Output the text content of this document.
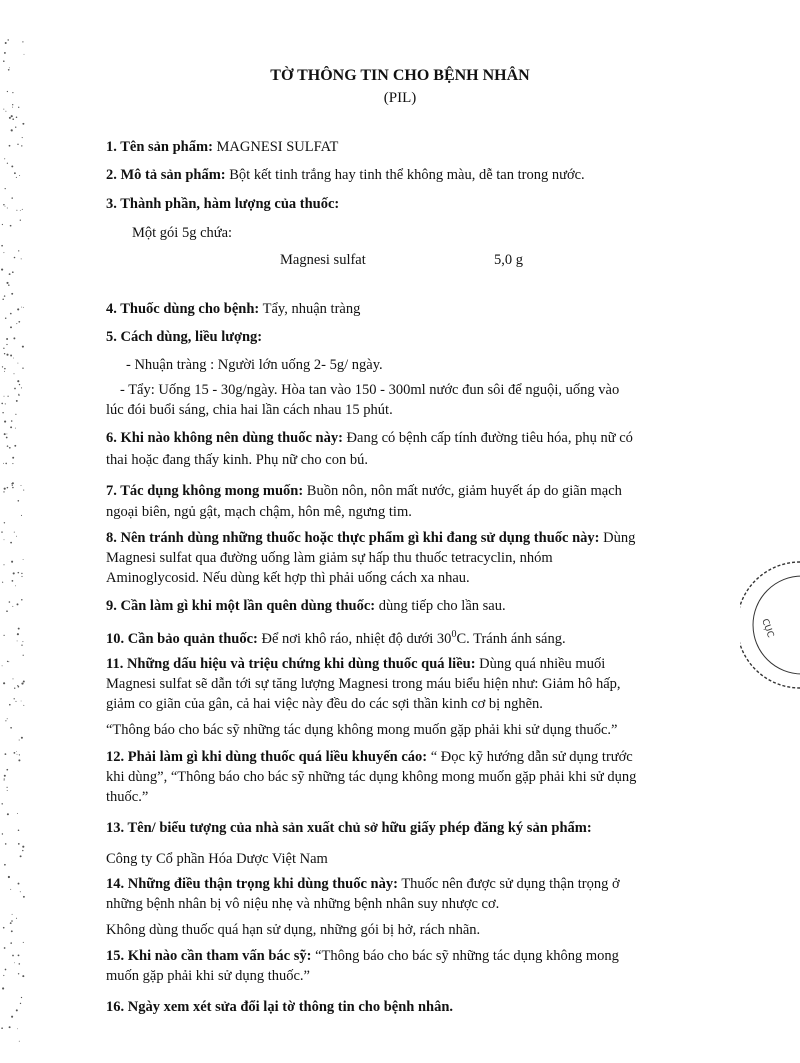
TỜ THÔNG TIN CHO BỆNH NHÂN
(PIL)
1. Tên sản phẩm: MAGNESI SULFAT
2. Mô tả sản phẩm: Bột kết tinh trắng hay tinh thể không màu, dễ tan trong nước.
3. Thành phần, hàm lượng của thuốc:
Một gói 5g chứa:
Magnesi sulfat	5,0 g
4. Thuốc dùng cho bệnh: Tẩy, nhuận tràng
5. Cách dùng, liều lượng:
- Nhuận tràng : Người lớn uống 2- 5g/ ngày.
- Tẩy: Uống 15 - 30g/ngày. Hòa tan vào 150 - 300ml nước đun sôi để nguội, uống vào
lúc đói buổi sáng, chia hai lần cách nhau 15 phút.
6. Khi nào không nên dùng thuốc này: Đang có bệnh cấp tính đường tiêu hóa, phụ nữ có
thai hoặc đang thấy kinh. Phụ nữ cho con bú.
7. Tác dụng không mong muốn: Buồn nôn, nôn mất nước, giảm huyết áp do giãn mạch
ngoại biên, ngủ gật, mạch chậm, hôn mê, ngưng tim.
8. Nên tránh dùng những thuốc hoặc thực phẩm gì khi đang sử dụng thuốc này: Dùng
Magnesi sulfat qua đường uống làm giảm sự hấp thu thuốc tetracyclin, nhóm
Aminoglycosid. Nếu dùng kết hợp thì phải uống cách xa nhau.
9. Cần làm gì khi một lần quên dùng thuốc: dùng tiếp cho lần sau.
10. Cần bảo quản thuốc: Để nơi khô ráo, nhiệt độ dưới $30^0C$. Tránh ánh sáng.
11. Những dấu hiệu và triệu chứng khi dùng thuốc quá liều: Dùng quá nhiều muối
Magnesi sulfat sẽ dẫn tới sự tăng lượng Magnesi trong máu biểu hiện như: Giảm hô hấp,
giảm co giãn của gân, cả hai việc này đều do các sợi thần kinh cơ bị nghẽn.
“Thông báo cho bác sỹ những tác dụng không mong muốn gặp phải khi sử dụng thuốc.”
12. Phải làm gì khi dùng thuốc quá liều khuyến cáo: “ Đọc kỹ hướng dẫn sử dụng trước
khi dùng”, “Thông báo cho bác sỹ những tác dụng không mong muốn gặp phải khi sử dụng
thuốc.”
13. Tên/ biểu tượng của nhà sản xuất chủ sở hữu giấy phép đăng ký sản phẩm:
Công ty Cổ phần Hóa Dược Việt Nam
14. Những điều thận trọng khi dùng thuốc này: Thuốc nên được sử dụng thận trọng ở
những bệnh nhân bị vô niệu nhẹ và những bệnh nhân suy nhược cơ.
Không dùng thuốc quá hạn sử dụng, những gói bị hở, rách nhãn.
15. Khi nào cần tham vấn bác sỹ: “Thông báo cho bác sỹ những tác dụng không mong
muốn gặp phải khi sử dụng thuốc.”
16. Ngày xem xét sửa đổi lại tờ thông tin cho bệnh nhân.
CỤC
